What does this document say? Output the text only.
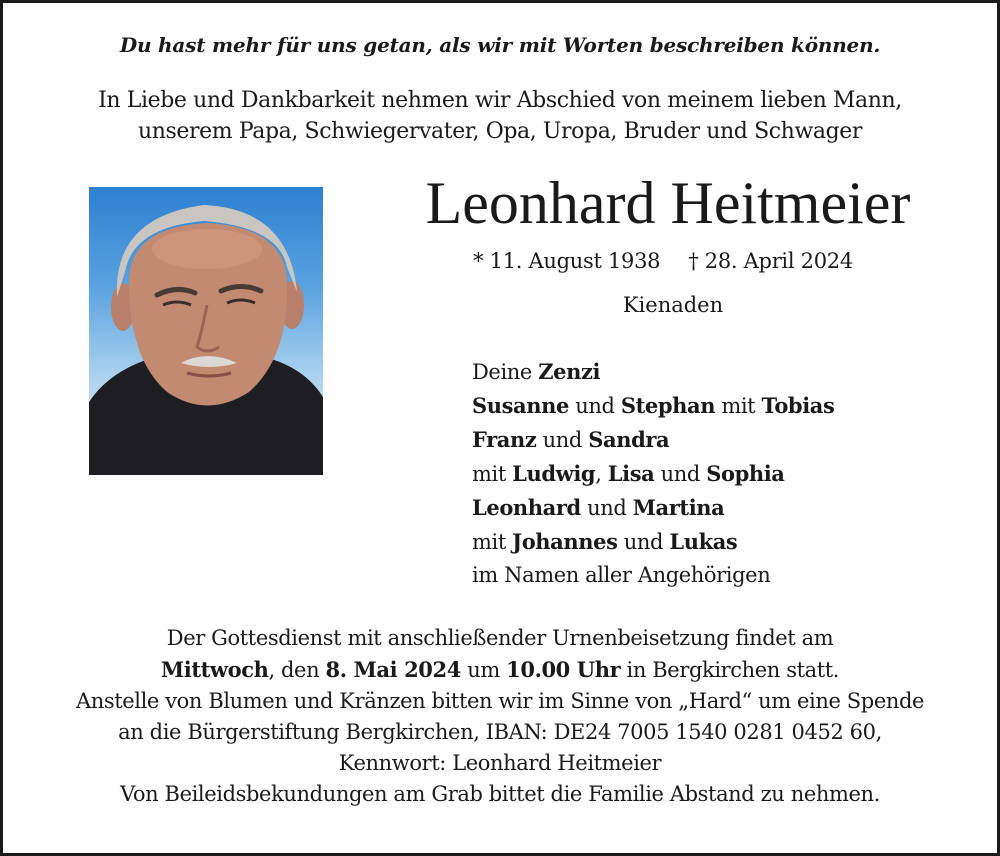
Du hast mehr für uns getan, als wir mit Worten beschreiben können.
In Liebe und Dankbarkeit nehmen wir Abschied von meinem lieben Mann,
unserem Papa, Schwiegervater, Opa, Uropa, Bruder und Schwager
Leonhard Heitmeier
* 11. August 1938 † 28. April 2024
Kienaden
Deine Zenzi
Susanne und Stephan mit Tobias
Franz und Sandra
mit Ludwig, Lisa und Sophia
Leonhard und Martina
mit Johannes und Lukas
im Namen aller Angehörigen
Der Gottesdienst mit anschließender Urnenbeisetzung findet am
Mittwoch, den 8. Mai 2024 um 10.00 Uhr in Bergkirchen statt.
Anstelle von Blumen und Kränzen bitten wir im Sinne von „Hard“ um eine Spende
an die Bürgerstiftung Bergkirchen, IBAN: DE24 7005 1540 0281 0452 60,
Kennwort: Leonhard Heitmeier
Von Beileidsbekundungen am Grab bittet die Familie Abstand zu nehmen.
